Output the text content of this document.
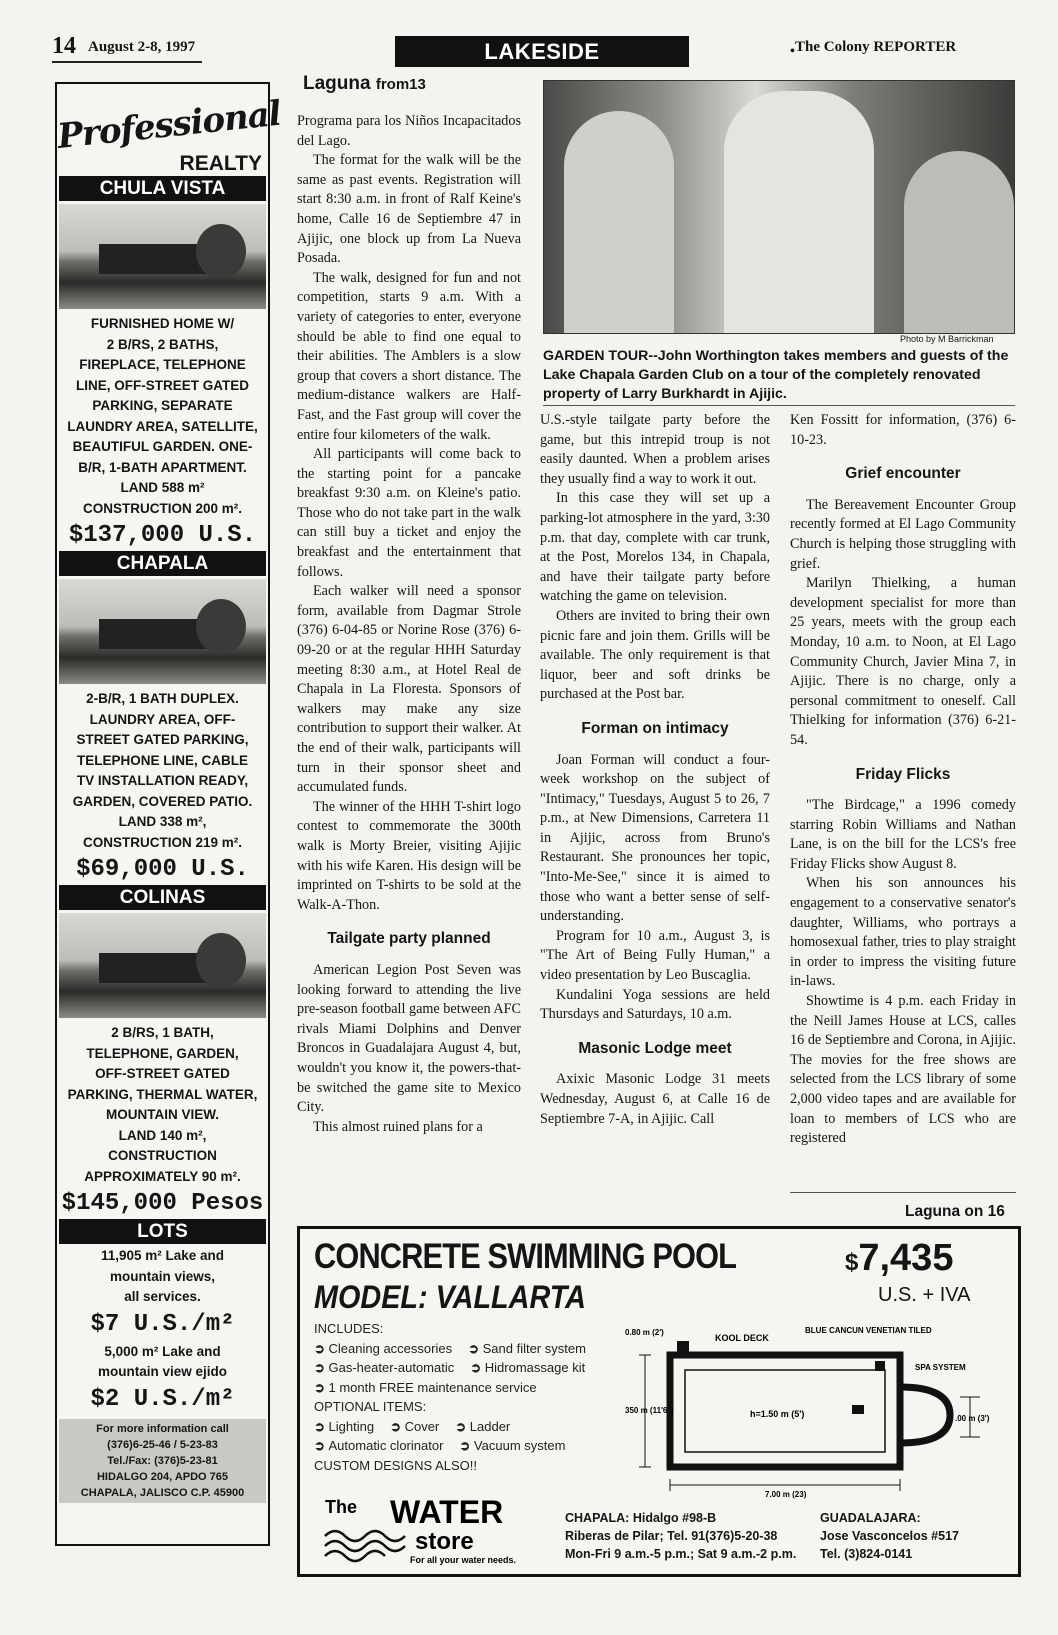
14 August 2-8, 1997	LAKESIDE	• The Colony REPORTER
Professional
REALTY
CHULA VISTA
FURNISHED HOME W/
2 B/RS, 2 BATHS,
FIREPLACE, TELEPHONE
LINE, OFF-STREET GATED
PARKING, SEPARATE
LAUNDRY AREA, SATELLITE,
BEAUTIFUL GARDEN. ONE-
B/R, 1-BATH APARTMENT.
LAND 588 m²
CONSTRUCTION 200 m².
$137,000 U.S.
CHAPALA
2-B/R, 1 BATH DUPLEX.
LAUNDRY AREA, OFF-
STREET GATED PARKING,
TELEPHONE LINE, CABLE
TV INSTALLATION READY,
GARDEN, COVERED PATIO.
LAND 338 m²,
CONSTRUCTION 219 m².
$69,000 U.S.
COLINAS
2 B/RS, 1 BATH,
TELEPHONE, GARDEN,
OFF-STREET GATED
PARKING, THERMAL WATER,
MOUNTAIN VIEW.
LAND 140 m²,
CONSTRUCTION
APPROXIMATELY 90 m².
$145,000 Pesos
LOTS
11,905 m² Lake and
mountain views,
all services.
$7 U.S./m²
5,000 m² Lake and
mountain view ejido
$2 U.S./m²
For more information call
(376)6-25-46 / 5-23-83
Tel./Fax: (376)5-23-81
HIDALGO 204, APDO 765
CHAPALA, JALISCO C.P. 45900
Laguna from13

Programa para los Niños Incapacitados del Lago.

The format for the walk will be the same as past events. Registration will start 8:30 a.m. in front of Ralf Keine's home, Calle 16 de Septiembre 47 in Ajijic, one block up from La Nueva Posada.

The walk, designed for fun and not competition, starts 9 a.m. With a variety of categories to enter, everyone should be able to find one equal to their abilities. The Amblers is a slow group that covers a short distance. The medium-distance walkers are Half-Fast, and the Fast group will cover the entire four kilometers of the walk.

All participants will come back to the starting point for a pancake breakfast 9:30 a.m. on Kleine's patio. Those who do not take part in the walk can still buy a ticket and enjoy the breakfast and the entertainment that follows.

Each walker will need a sponsor form, available from Dagmar Strole (376) 6-04-85 or Norine Rose (376) 6-09-20 or at the regular HHH Saturday meeting 8:30 a.m., at Hotel Real de Chapala in La Floresta. Sponsors of walkers may make any size contribution to support their walker. At the end of their walk, participants will turn in their sponsor sheet and accumulated funds.

The winner of the HHH T-shirt logo contest to commemorate the 300th walk is Morty Breier, visiting Ajijic with his wife Karen. His design will be imprinted on T-shirts to be sold at the Walk-A-Thon.

Tailgate party planned

American Legion Post Seven was looking forward to attending the live pre-season football game between AFC rivals Miami Dolphins and Denver Broncos in Guadalajara August 4, but, wouldn't you know it, the powers-that-be switched the game site to Mexico City.

This almost ruined plans for a

Photo by M Barrickman
GARDEN TOUR--John Worthington takes members and guests of the Lake Chapala Garden Club on a tour of the completely renovated property of Larry Burkhardt in Ajijic.

U.S.-style tailgate party before the game, but this intrepid troup is not easily daunted. When a problem arises they usually find a way to work it out.

In this case they will set up a parking-lot atmosphere in the yard, 3:30 p.m. that day, complete with car trunk, at the Post, Morelos 134, in Chapala, and have their tailgate party before watching the game on television.

Others are invited to bring their own picnic fare and join them. Grills will be available. The only requirement is that liquor, beer and soft drinks be purchased at the Post bar.

Forman on intimacy

Joan Forman will conduct a four-week workshop on the subject of "Intimacy," Tuesdays, August 5 to 26, 7 p.m., at New Dimensions, Carretera 11 in Ajijic, across from Bruno's Restaurant. She pronounces her topic, "Into-Me-See," since it is aimed to those who want a better sense of self-understanding.

Program for 10 a.m., August 3, is "The Art of Being Fully Human," a video presentation by Leo Buscaglia.

Kundalini Yoga sessions are held Thursdays and Saturdays, 10 a.m.

Masonic Lodge meet

Axixic Masonic Lodge 31 meets Wednesday, August 6, at Calle 16 de Septiembre 7-A, in Ajijic. Call

Ken Fossitt for information, (376) 6-10-23.

Grief encounter

The Bereavement Encounter Group recently formed at El Lago Community Church is helping those struggling with grief.

Marilyn Thielking, a human development specialist for more than 25 years, meets with the group each Monday, 10 a.m. to Noon, at El Lago Community Church, Javier Mina 7, in Ajijic. There is no charge, only a personal commitment to oneself. Call Thielking for information (376) 6-21-54.

Friday Flicks

"The Birdcage," a 1996 comedy starring Robin Williams and Nathan Lane, is on the bill for the LCS's free Friday Flicks show August 8.

When his son announces his engagement to a conservative senator's daughter, Williams, who portrays a homosexual father, tries to play straight in order to impress the visiting future in-laws.

Showtime is 4 p.m. each Friday in the Neill James House at LCS, calles 16 de Septiembre and Corona, in Ajijic. The movies for the free shows are selected from the LCS library of some 2,000 video tapes and are available for loan to members of LCS who are registered

Laguna on 16
CONCRETE SWIMMING POOL
MODEL: VALLARTA
$7,435
U.S. + IVA
INCLUDES:
➲ Cleaning accessories ➲ Sand filter system
➲ Gas-heater-automatic ➲ Hidromassage kit
➲ 1 month FREE maintenance service
OPTIONAL ITEMS:
➲ Lighting ➲ Cover ➲ Ladder
➲ Automatic clorinator ➲ Vacuum system
CUSTOM DESIGNS ALSO!!
0.80 m (2')
KOOL DECK
BLUE CANCUN VENETIAN TILED
SPA SYSTEM
h=1.50 m (5')
350 m (11'6")
.00 m (3')
7.00 m (23)
The WATER
store
For all your water needs.
CHAPALA: Hidalgo #98-B
Riberas de Pilar; Tel. 91(376)5-20-38
Mon-Fri 9 a.m.-5 p.m.; Sat 9 a.m.-2 p.m.
GUADALAJARA:
Jose Vasconcelos #517
Tel. (3)824-0141
